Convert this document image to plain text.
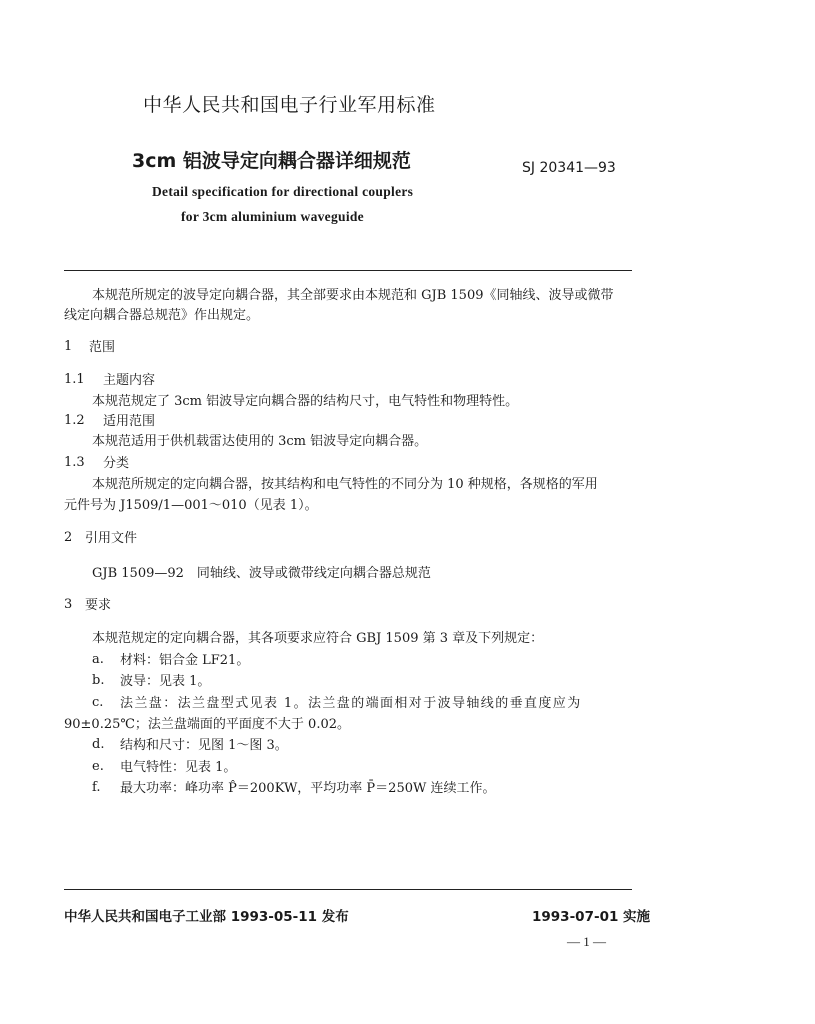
中华人民共和国电子行业军用标准
3cm 铝波导定向耦合器详细规范	SJ 20341—93
Detail specification for directional couplers
for 3cm aluminium waveguide
本规范所规定的波导定向耦合器，其全部要求由本规范和 GJB 1509《同轴线、波导或微带
线定向耦合器总规范》作出规定。
1 范围
1.1 主题内容
本规范规定了 3cm 铝波导定向耦合器的结构尺寸，电气特性和物理特性。
1.2 适用范围
本规范适用于供机载雷达使用的 3cm 铝波导定向耦合器。
1.3 分类
本规范所规定的定向耦合器，按其结构和电气特性的不同分为 10 种规格，各规格的军用
元件号为 J1509/1—001～010（见表 1）。
2 引用文件
GJB 1509—92　同轴线、波导或微带线定向耦合器总规范
3 要求
本规范规定的定向耦合器，其各项要求应符合 GBJ 1509 第 3 章及下列规定：
a. 材料：铝合金 LF21。
b. 波导：见表 1。
c. 法兰盘：法兰盘型式见表 1。法兰盘的端面相对于波导轴线的垂直度应为
90±0.25℃；法兰盘端面的平面度不大于 0.02。
d. 结构和尺寸：见图 1～图 3。
e. 电气特性：见表 1。
f. 最大功率：峰功率 P̂＝200KW，平均功率 P̄＝250W 连续工作。
中华人民共和国电子工业部 1993-05-11 发布	1993-07-01 实施
— 1 —
